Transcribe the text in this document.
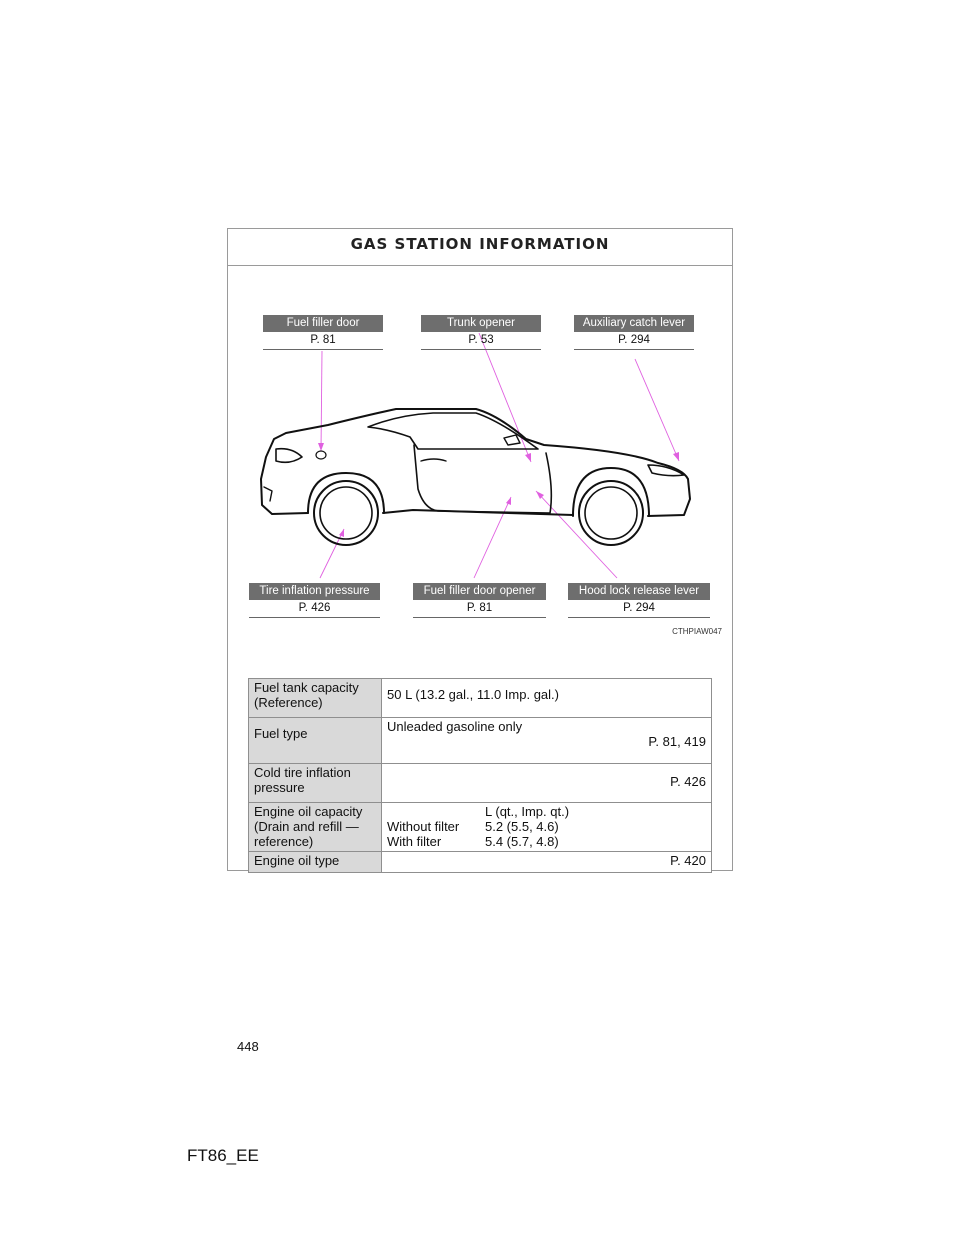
GAS STATION INFORMATION
Fuel filler door
P. 81
Trunk opener
P. 53
Auxiliary catch lever
P. 294
Tire inflation pressure
P. 426
Fuel filler door opener
P. 81
Hood lock release lever
P. 294
CTHPIAW047
Fuel tank capacity (Reference)	50 L (13.2 gal., 11.0 Imp. gal.)
Fuel type	Unleaded gasoline only
P. 81, 419

Cold tire inflation pressure	P. 426
Engine oil capacity (Drain and refill — reference)	L (qt., Imp. qt.)
Without filter 5.2 (5.5, 4.6)
With filter 5.4 (5.7, 4.8)

Engine oil type	P. 420
448
FT86_EE
